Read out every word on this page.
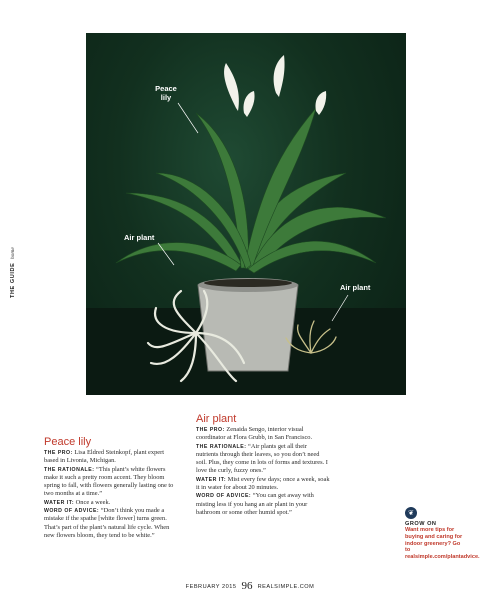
Peace
lily
Air plant
Air plant
THE GUIDE home
Peace lily

THE PRO: Lisa Eldred Steinkopf, plant expert based in Livonia, Michigan.

THE RATIONALE: “This plant’s white flowers make it such a pretty room accent. They bloom spring to fall, with flowers generally lasting one to two months at a time.”

WATER IT: Once a week.

WORD OF ADVICE: “Don’t think you made a mistake if the spathe [white flower] turns green. That’s part of the plant’s natural life cycle. When new flowers bloom, they tend to be white.”

Air plant

THE PRO: Zenaida Sengo, interior visual coordinator at Flora Grubb, in San Francisco.

THE RATIONALE: “Air plants get all their nutrients through their leaves, so you don’t need soil. Plus, they come in lots of forms and textures. I love the curly, fuzzy ones.”

WATER IT: Mist every few days; once a week, soak it in water for about 20 minutes.

WORD OF ADVICE: “You can get away with misting less if you hang an air plant in your bathroom or some other humid spot.”	❦
GROW ON
Want more tips for buying and caring for indoor greenery? Go to realsimple.com/plantadvice.
FEBRUARY 2015 96 REALSIMPLE.COM
